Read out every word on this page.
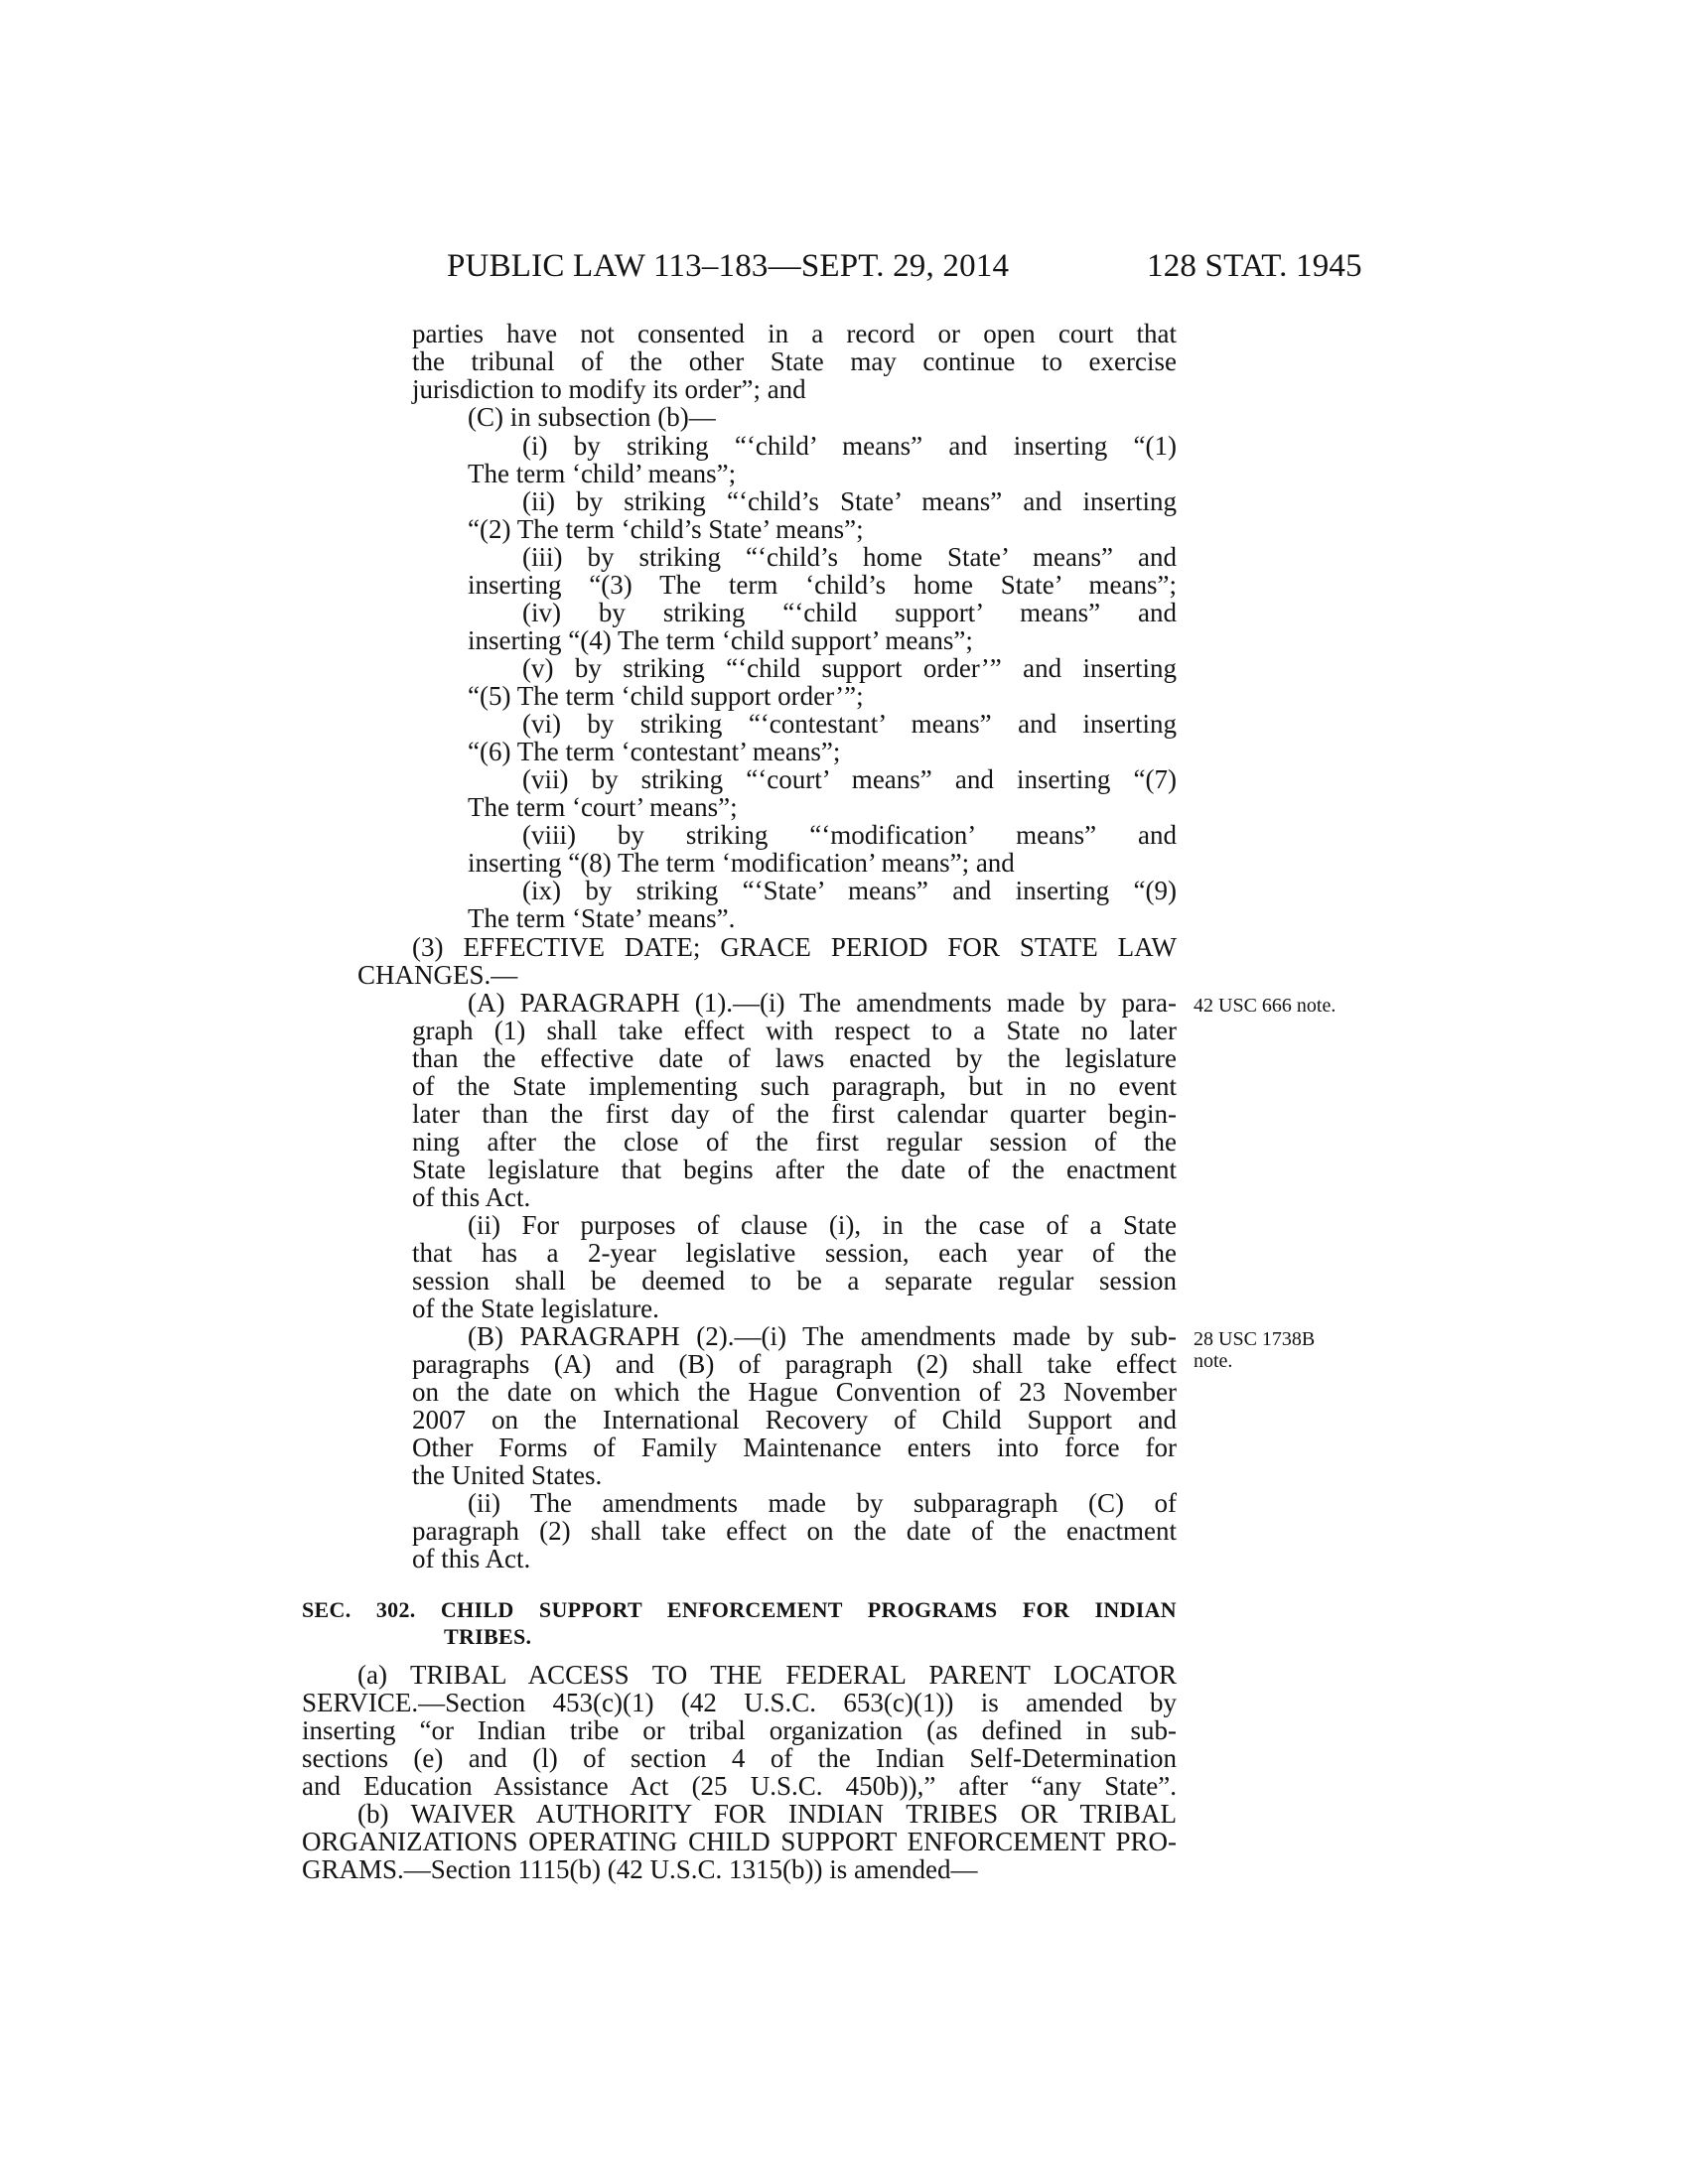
PUBLIC LAW 113–183—SEPT. 29, 2014	128 STAT. 1945
parties have not consented in a record or open court that
the tribunal of the other State may continue to exercise
jurisdiction to modify its order”; and
(C) in subsection (b)—
(i) by striking “‘child’ means” and inserting “(1)
The term ‘child’ means”;
(ii) by striking “‘child’s State’ means” and inserting
“(2) The term ‘child’s State’ means”;
(iii) by striking “‘child’s home State’ means” and
inserting “(3) The term ‘child’s home State’ means”;
(iv) by striking “‘child support’ means” and
inserting “(4) The term ‘child support’ means”;
(v) by striking “‘child support order’” and inserting
“(5) The term ‘child support order’”;
(vi) by striking “‘contestant’ means” and inserting
“(6) The term ‘contestant’ means”;
(vii) by striking “‘court’ means” and inserting “(7)
The term ‘court’ means”;
(viii) by striking “‘modification’ means” and
inserting “(8) The term ‘modification’ means”; and
(ix) by striking “‘State’ means” and inserting “(9)
The term ‘State’ means”.
(3) EFFECTIVE DATE; GRACE PERIOD FOR STATE LAW
CHANGES.—
(A) PARAGRAPH (1).—(i) The amendments made by para-
graph (1) shall take effect with respect to a State no later
than the effective date of laws enacted by the legislature
of the State implementing such paragraph, but in no event
later than the first day of the first calendar quarter begin-
ning after the close of the first regular session of the
State legislature that begins after the date of the enactment
of this Act.
(ii) For purposes of clause (i), in the case of a State
that has a 2-year legislative session, each year of the
session shall be deemed to be a separate regular session
of the State legislature.
(B) PARAGRAPH (2).—(i) The amendments made by sub-
paragraphs (A) and (B) of paragraph (2) shall take effect
on the date on which the Hague Convention of 23 November
2007 on the International Recovery of Child Support and
Other Forms of Family Maintenance enters into force for
the United States.
(ii) The amendments made by subparagraph (C) of
paragraph (2) shall take effect on the date of the enactment
of this Act.
SEC. 302. CHILD SUPPORT ENFORCEMENT PROGRAMS FOR INDIAN
TRIBES.
(a) TRIBAL ACCESS TO THE FEDERAL PARENT LOCATOR
SERVICE.—Section 453(c)(1) (42 U.S.C. 653(c)(1)) is amended by
inserting “or Indian tribe or tribal organization (as defined in sub-
sections (e) and (l) of section 4 of the Indian Self-Determination
and Education Assistance Act (25 U.S.C. 450b)),” after “any State”.
(b) WAIVER AUTHORITY FOR INDIAN TRIBES OR TRIBAL
ORGANIZATIONS OPERATING CHILD SUPPORT ENFORCEMENT PRO-
GRAMS.—Section 1115(b) (42 U.S.C. 1315(b)) is amended—
42 USC 666 note.
28 USC 1738B
note.
